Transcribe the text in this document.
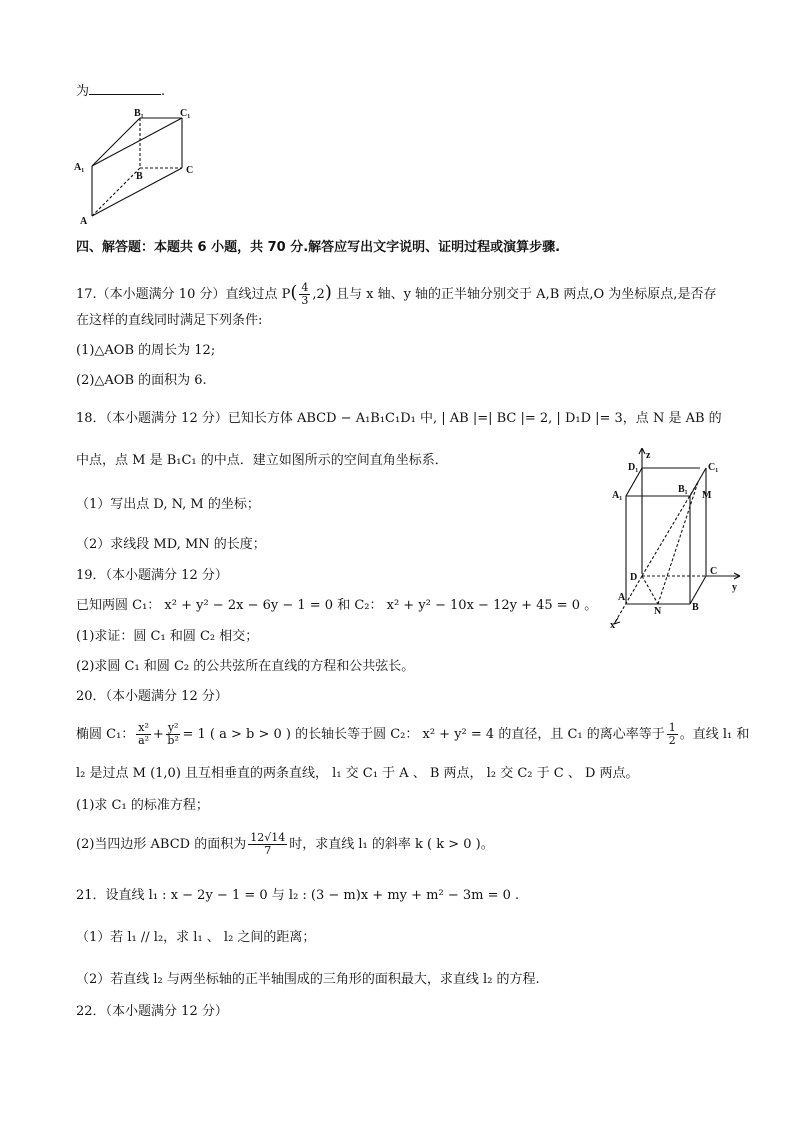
为	.
B₁	C₁
A₁
B
C
A
四、解答题：本题共 6 小题，共 70 分.解答应写出文字说明、证明过程或演算步骤.
17.（本小题满分 10 分）直线过点 $P( \frac{4}{3} ,2)$ 且与 x 轴、y 轴的正半轴分别交于 A,B 两点,O 为坐标原点,是否存
在这样的直线同时满足下列条件:
(1)△AOB 的周长为 12;
(2)△AOB 的面积为 6.
18．（本小题满分 12 分）已知长方体 ABCD − A₁B₁C₁D₁ 中, | AB |=| BC |= 2, | D₁D |= 3，点 N 是 AB 的
中点，点 M 是 B₁C₁ 的中点．建立如图所示的空间直角坐标系．
（1）写出点 D, N, M 的坐标；
（2）求线段 MD, MN 的长度；
D₁
z
C₁
A₁
B₁
M
D
C
y
A
N	B
x
19．（本小题满分 12 分）
已知两圆 C₁： x² + y² − 2x − 6y − 1 = 0 和 C₂： x² + y² − 10x − 12y + 45 = 0 。
(1)求证：圆 C₁ 和圆 C₂ 相交；
(2)求圆 C₁ 和圆 C₂ 的公共弦所在直线的方程和公共弦长。
20．（本小题满分 12 分）
椭圆 C₁： $\frac{\text{x²}}{\text{a²}} + \frac{\text{y²}}{\text{b²}} = 1$ ( a > b > 0 ) 的长轴长等于圆 C₂： x² + y² = 4 的直径，且 C₁ 的离心率等于 $\frac{1}{2}$ 。直线 l₁ 和
l₂ 是过点 M (1,0) 且互相垂直的两条直线， l₁ 交 C₁ 于 A 、 B 两点， l₂ 交 C₂ 于 C 、 D 两点。
(1)求 C₁ 的标准方程；
(2)当四边形 ABCD 的面积为 $\frac{12√14}{7}$ 时，求直线 l₁ 的斜率 k ( k > 0 )。
21．设直线 l₁ : x − 2y − 1 = 0 与 l₂ : (3 − m)x + my + m² − 3m = 0 .
（1）若 l₁ // l₂，求 l₁ 、 l₂ 之间的距离；
（2）若直线 l₂ 与两坐标轴的正半轴围成的三角形的面积最大，求直线 l₂ 的方程.
22．（本小题满分 12 分）
